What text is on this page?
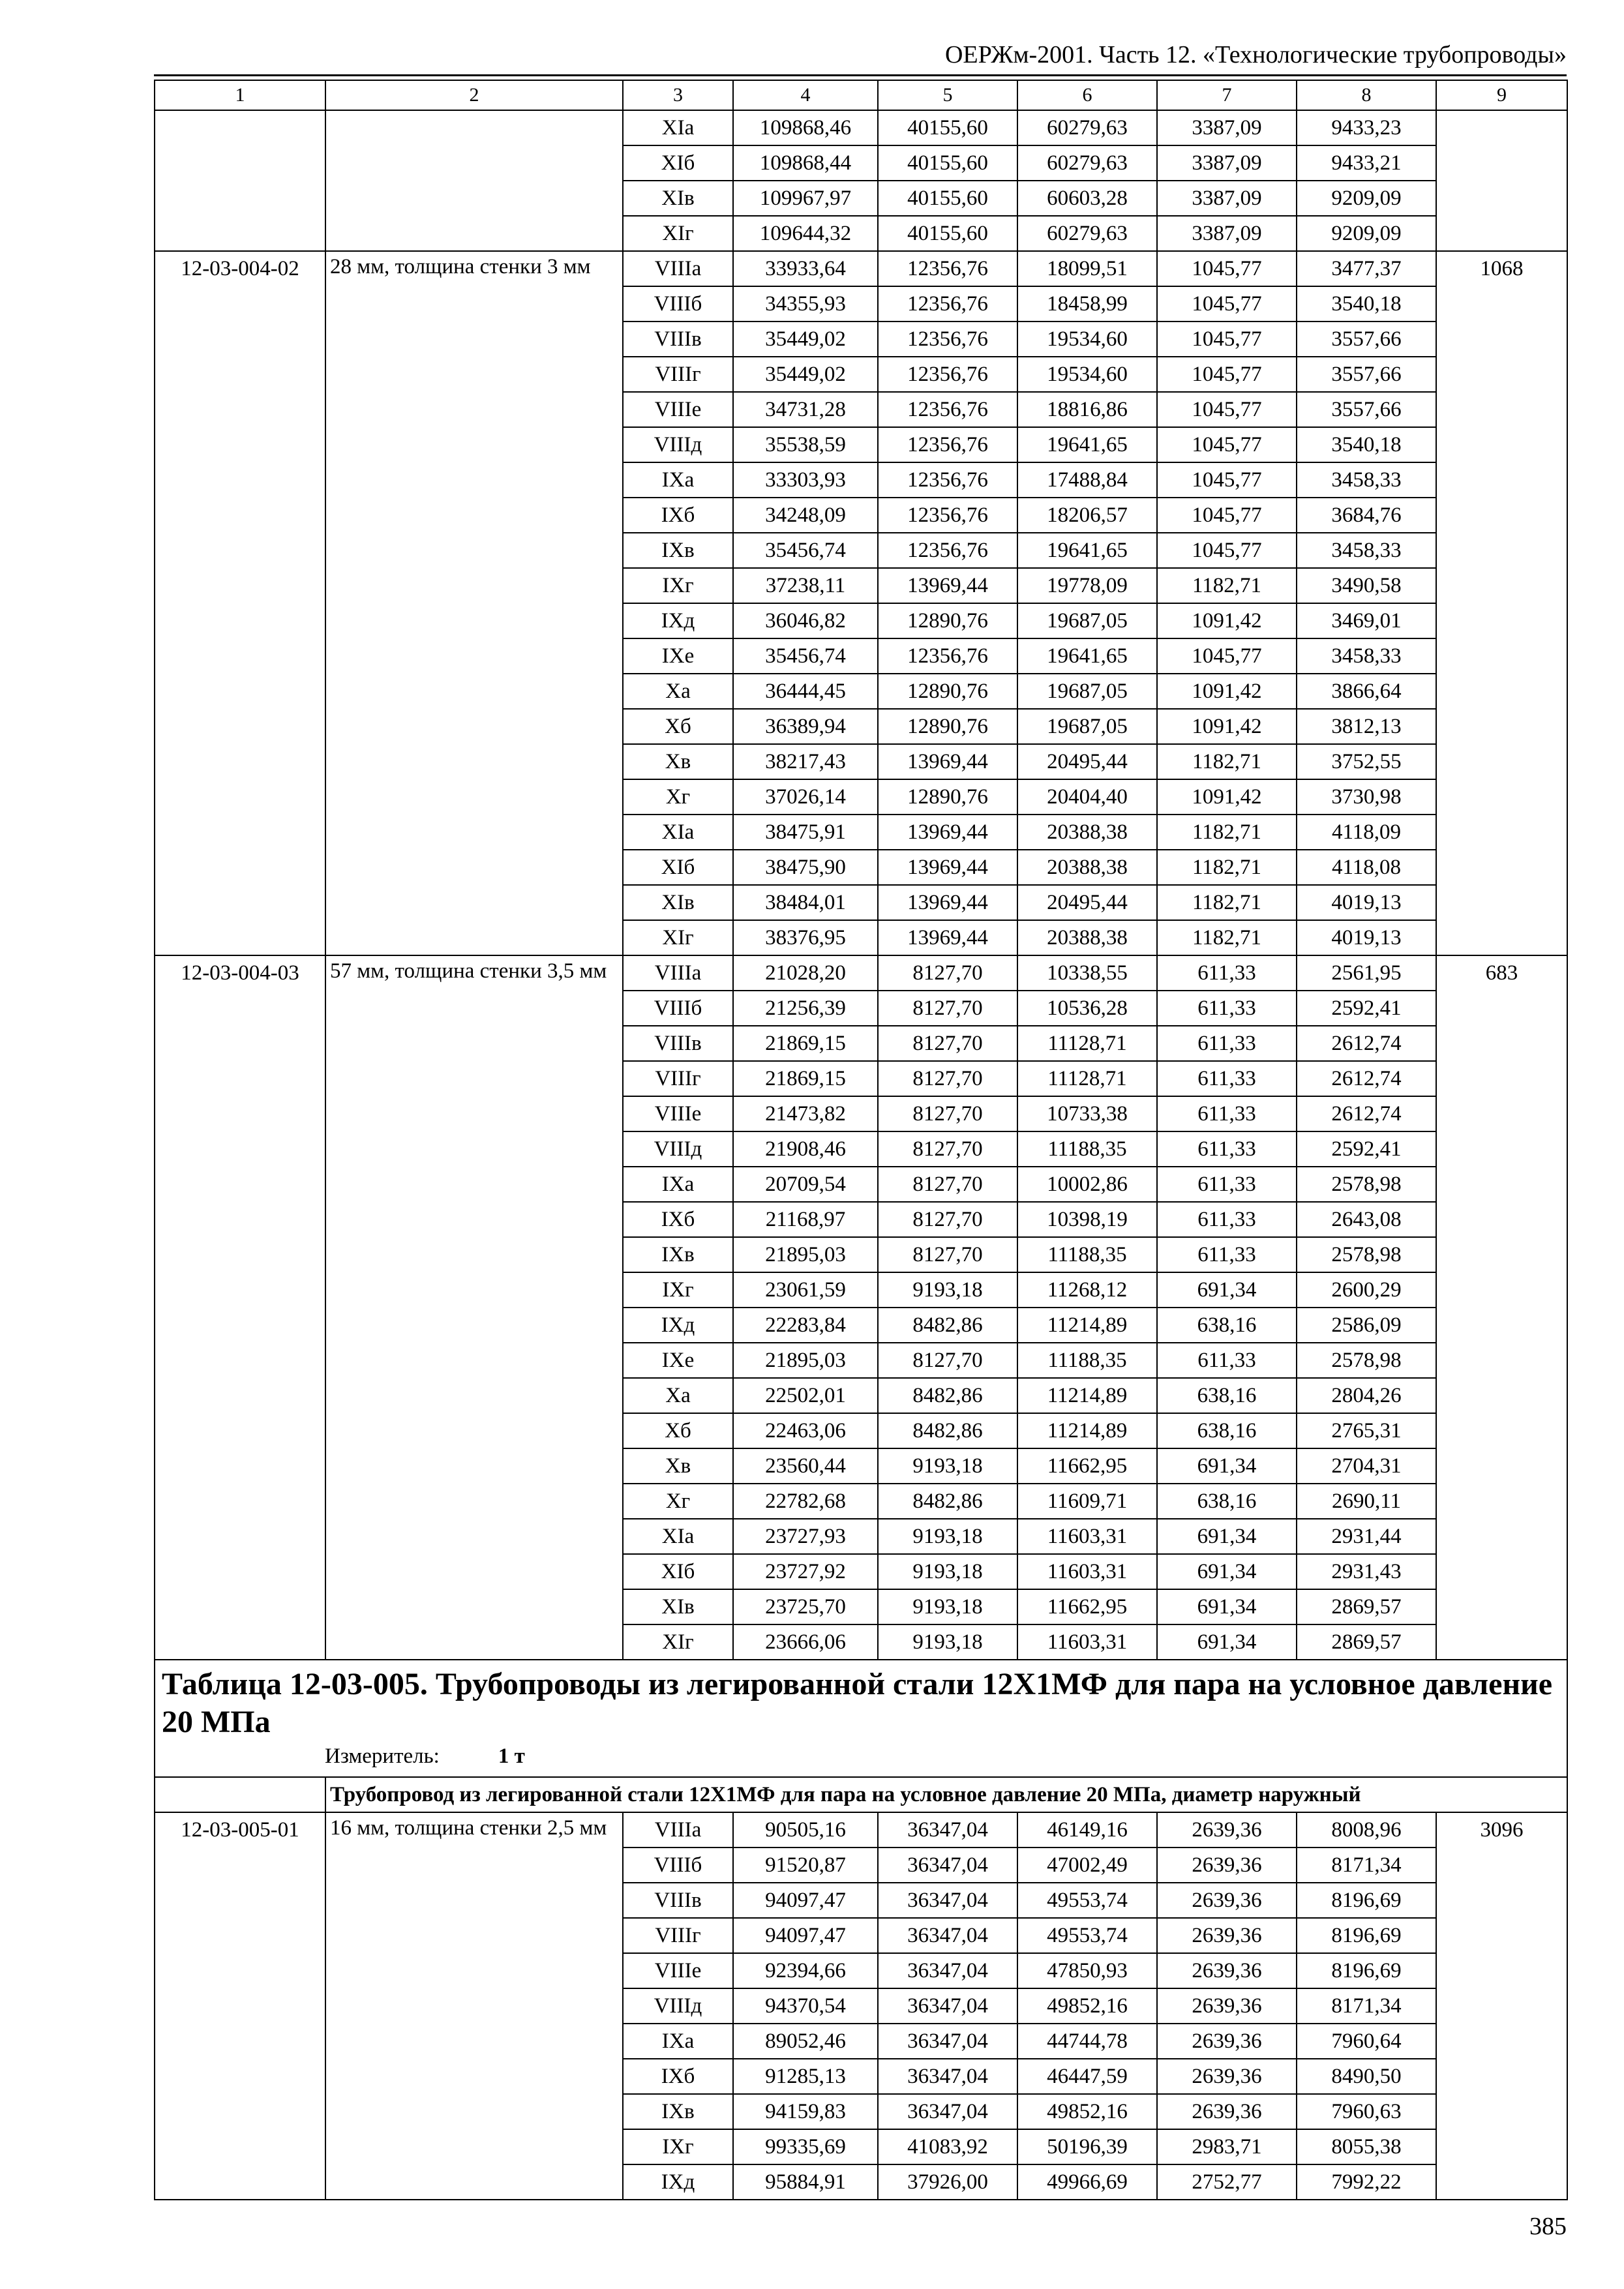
ОЕРЖм-2001. Часть 12. «Технологические трубопроводы»
1	2	3	4	5	6	7	8	9
		XIа	109868,46	40155,60	60279,63	3387,09	9433,23	
		XIб	109868,44	40155,60	60279,63	3387,09	9433,21	
		XIв	109967,97	40155,60	60603,28	3387,09	9209,09	
		XIг	109644,32	40155,60	60279,63	3387,09	9209,09	
12-03-004-02	28 мм, толщина стенки 3 мм	VIIIа	33933,64	12356,76	18099,51	1045,77	3477,37	1068
		VIIIб	34355,93	12356,76	18458,99	1045,77	3540,18	
		VIIIв	35449,02	12356,76	19534,60	1045,77	3557,66	
		VIIIг	35449,02	12356,76	19534,60	1045,77	3557,66	
		VIIIе	34731,28	12356,76	18816,86	1045,77	3557,66	
		VIIIд	35538,59	12356,76	19641,65	1045,77	3540,18	
		IXа	33303,93	12356,76	17488,84	1045,77	3458,33	
		IXб	34248,09	12356,76	18206,57	1045,77	3684,76	
		IXв	35456,74	12356,76	19641,65	1045,77	3458,33	
		IXг	37238,11	13969,44	19778,09	1182,71	3490,58	
		IXд	36046,82	12890,76	19687,05	1091,42	3469,01	
		IXе	35456,74	12356,76	19641,65	1045,77	3458,33	
		Xа	36444,45	12890,76	19687,05	1091,42	3866,64	
		Xб	36389,94	12890,76	19687,05	1091,42	3812,13	
		Xв	38217,43	13969,44	20495,44	1182,71	3752,55	
		Xг	37026,14	12890,76	20404,40	1091,42	3730,98	
		XIа	38475,91	13969,44	20388,38	1182,71	4118,09	
		XIб	38475,90	13969,44	20388,38	1182,71	4118,08	
		XIв	38484,01	13969,44	20495,44	1182,71	4019,13	
		XIг	38376,95	13969,44	20388,38	1182,71	4019,13	
12-03-004-03	57 мм, толщина стенки 3,5 мм	VIIIа	21028,20	8127,70	10338,55	611,33	2561,95	683
		VIIIб	21256,39	8127,70	10536,28	611,33	2592,41	
		VIIIв	21869,15	8127,70	11128,71	611,33	2612,74	
		VIIIг	21869,15	8127,70	11128,71	611,33	2612,74	
		VIIIе	21473,82	8127,70	10733,38	611,33	2612,74	
		VIIIд	21908,46	8127,70	11188,35	611,33	2592,41	
		IXа	20709,54	8127,70	10002,86	611,33	2578,98	
		IXб	21168,97	8127,70	10398,19	611,33	2643,08	
		IXв	21895,03	8127,70	11188,35	611,33	2578,98	
		IXг	23061,59	9193,18	11268,12	691,34	2600,29	
		IXд	22283,84	8482,86	11214,89	638,16	2586,09	
		IXе	21895,03	8127,70	11188,35	611,33	2578,98	
		Xа	22502,01	8482,86	11214,89	638,16	2804,26	
		Xб	22463,06	8482,86	11214,89	638,16	2765,31	
		Xв	23560,44	9193,18	11662,95	691,34	2704,31	
		Xг	22782,68	8482,86	11609,71	638,16	2690,11	
		XIа	23727,93	9193,18	11603,31	691,34	2931,44	
		XIб	23727,92	9193,18	11603,31	691,34	2931,43	
		XIв	23725,70	9193,18	11662,95	691,34	2869,57	
		XIг	23666,06	9193,18	11603,31	691,34	2869,57	

Таблица 12-03-005. Трубопроводы из легированной стали 12Х1МФ для пара на условное давление 20 МПа
Измеритель: 1 т								

	Трубопровод из легированной стали 12Х1МФ для пара на условное давление 20 МПа, диаметр наружный							
12-03-005-01	16 мм, толщина стенки 2,5 мм	VIIIа	90505,16	36347,04	46149,16	2639,36	8008,96	3096
		VIIIб	91520,87	36347,04	47002,49	2639,36	8171,34	
		VIIIв	94097,47	36347,04	49553,74	2639,36	8196,69	
		VIIIг	94097,47	36347,04	49553,74	2639,36	8196,69	
		VIIIе	92394,66	36347,04	47850,93	2639,36	8196,69	
		VIIIд	94370,54	36347,04	49852,16	2639,36	8171,34	
		IXа	89052,46	36347,04	44744,78	2639,36	7960,64	
		IXб	91285,13	36347,04	46447,59	2639,36	8490,50	
		IXв	94159,83	36347,04	49852,16	2639,36	7960,63	
		IXг	99335,69	41083,92	50196,39	2983,71	8055,38	
		IXд	95884,91	37926,00	49966,69	2752,77	7992,22	
385
